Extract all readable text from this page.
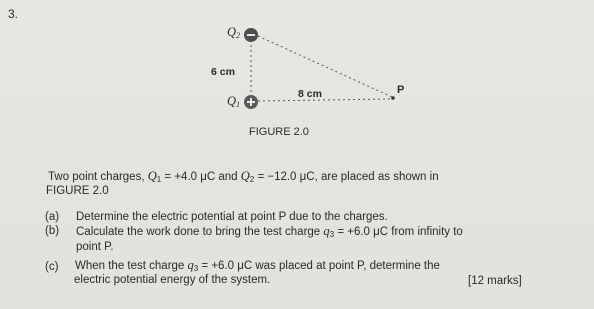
3.
$Q_2$
$Q_1$
6 cm
8 cm	P
FIGURE 2.0
Two point charges, $Q_1 = +4.0$ μC and $Q_2 = -12.0$ μC, are placed as shown in
FIGURE 2.0
(a) Determine the electric potential at point P due to the charges.
(b) Calculate the work done to bring the test charge $q_3 = +6.0$ μC from infinity to
point P.
(c) When the test charge $q_3 = +6.0$ μC was placed at point P, determine the
electric potential energy of the system.	[12 marks]
